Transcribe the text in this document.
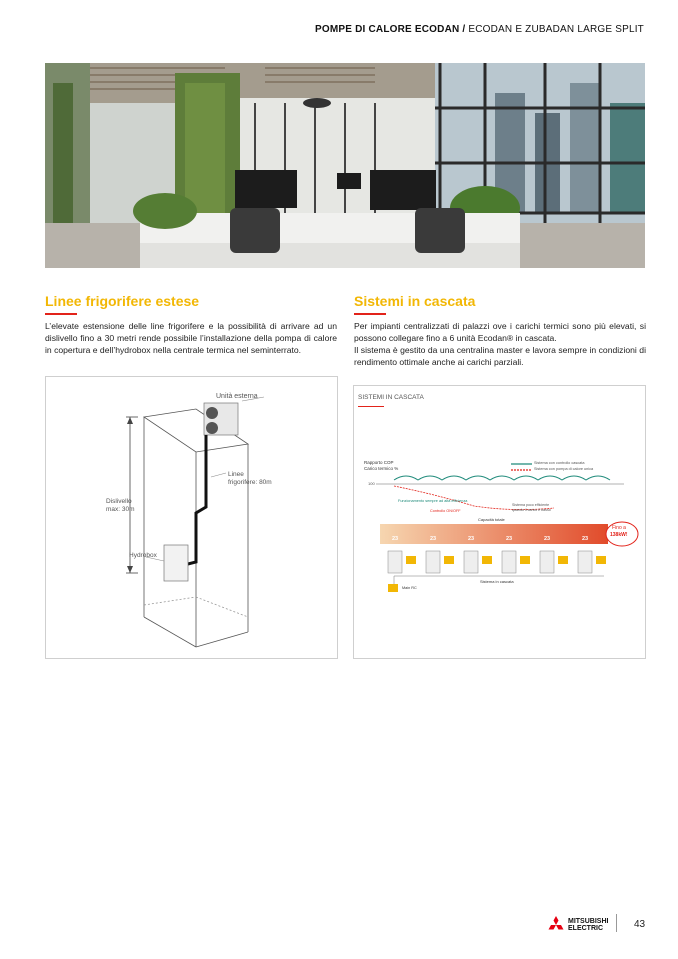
POMPE DI CALORE ECODAN / ECODAN E ZUBADAN LARGE SPLIT
Linee frigorifere estese

L’elevate estensione delle line frigorifere e la possibilità di arrivare ad un dislivello fino a 30 metri rende possibile l’installazione della pompa di calore in copertura e dell’hydrobox nella centrale termica nel seminterrato.

Unità esterna
Linee
frigorifere: 80m
Dislivello
max: 30m
Hydrobox
Sistemi in cascata

Per impianti centralizzati di palazzi ove i carichi termici sono più elevati, si possono collegare fino a 6 unità Ecodan® in cascata.

Il sistema è gestito da una centralina master e lavora sempre in condizioni di rendimento ottimale anche ai carichi parziali.

SISTEMI IN CASCATA
Rapporto COP
Carico termico %
Sistema con controllo cascata
Sistema con pompa di calore unica
100
Funzionamento sempre ad alta efficienza
Controllo ON/OFF
Sistema poco efficiente
quando il carico è basso
Capacità totale
23	23	23	23	23	23
Fino a
138kW!
Sistema in cascata
Main RC
MITSUBISHI
ELECTRIC	43
